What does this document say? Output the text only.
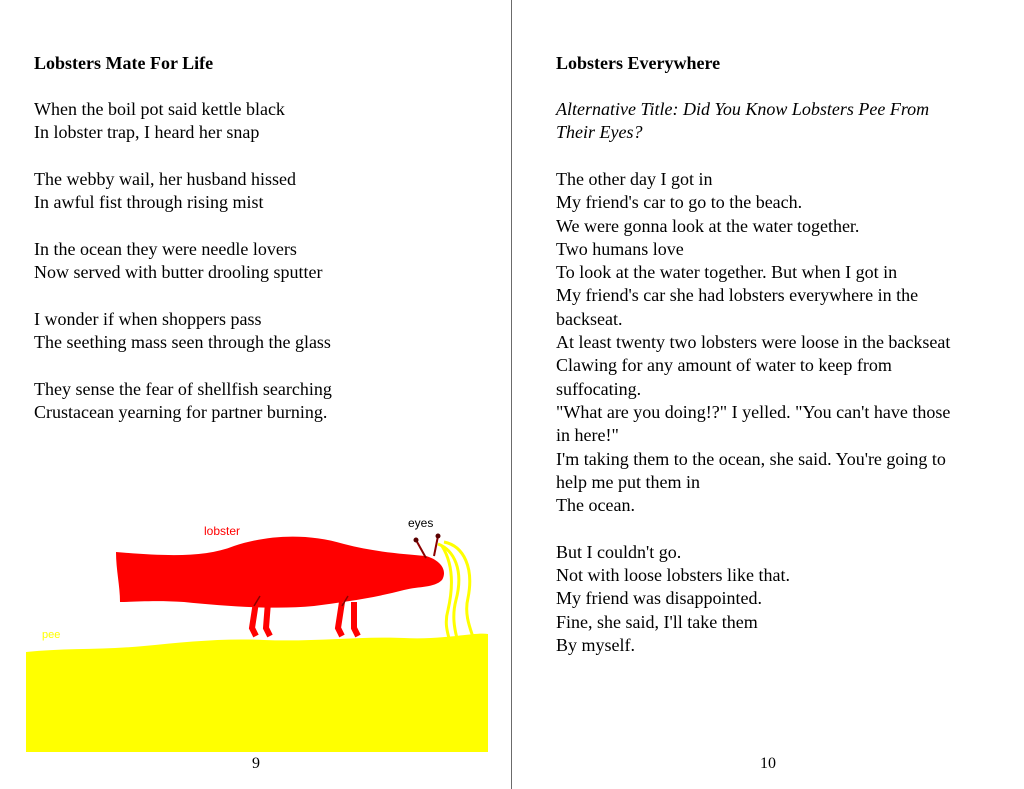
Lobsters Mate For Life
When the boil pot said kettle black
In lobster trap, I heard her snap
The webby wail, her husband hissed
In awful fist through rising mist
In the ocean they were needle lovers
Now served with butter drooling sputter
I wonder if when shoppers pass
The seething mass seen through the glass
They sense the fear of shellfish searching
Crustacean yearning for partner burning.
lobster
eyes
pee
9
Lobsters Everywhere
Alternative Title: Did You Know Lobsters Pee From
Their Eyes?
The other day I got in
My friend's car to go to the beach.
We were gonna look at the water together.
Two humans love
To look at the water together. But when I got in
My friend's car she had lobsters everywhere in the
backseat.
At least twenty two lobsters were loose in the backseat
Clawing for any amount of water to keep from
suffocating.
"What are you doing!?" I yelled. "You can't have those
in here!"
I'm taking them to the ocean, she said. You're going to
help me put them in
The ocean.
But I couldn't go.
Not with loose lobsters like that.
My friend was disappointed.
Fine, she said, I'll take them
By myself.
10
